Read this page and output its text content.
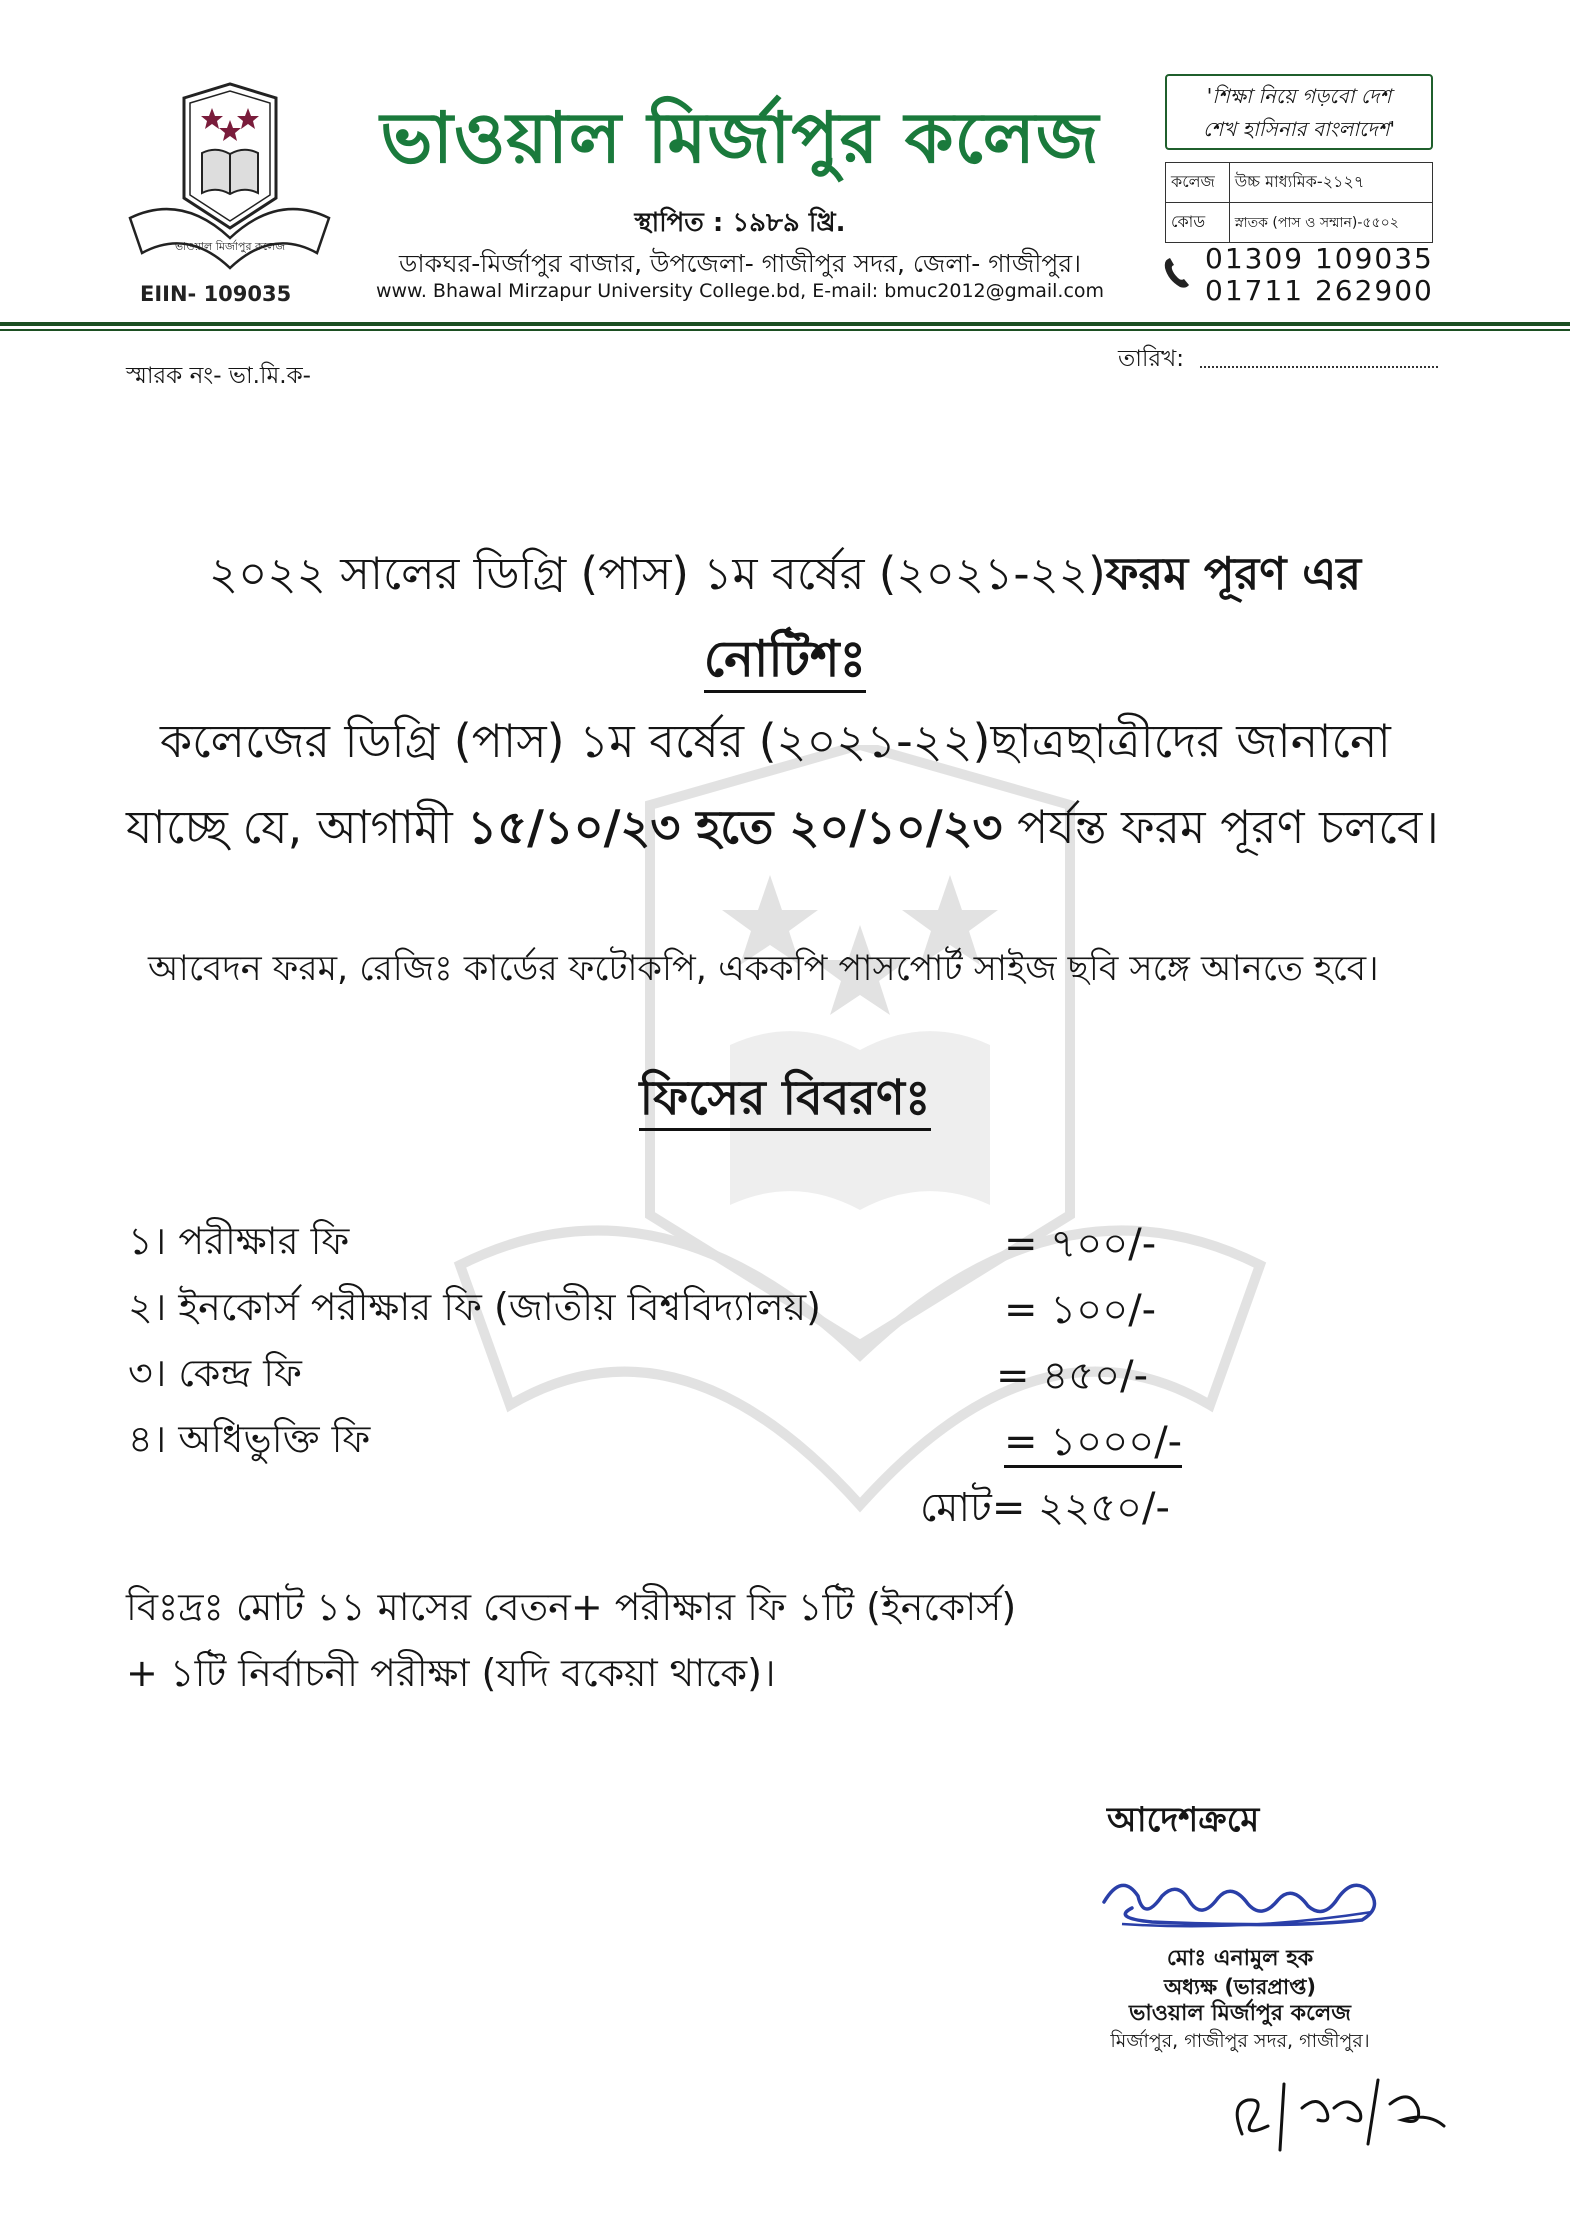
ভাওয়াল মির্জাপুর কলেজ
EIIN- 109035
ভাওয়াল মির্জাপুর কলেজ
স্থাপিত : ১৯৮৯ খ্রি.
ডাকঘর-মির্জাপুর বাজার, উপজেলা- গাজীপুর সদর, জেলা- গাজীপুর।
www. Bhawal Mirzapur University College.bd, E-mail: bmuc2012@gmail.com
'শিক্ষা নিয়ে গড়বো দেশ
শেখ হাসিনার বাংলাদেশ'
কলেজ	উচ্চ মাধ্যমিক-২১২৭
কোড	স্নাতক (পাস ও সম্মান)-৫৫০২
01309 109035
01711 262900
স্মারক নং- ভা.মি.ক-
তারিখ:
২০২২ সালের ডিগ্রি (পাস) ১ম বর্ষের (২০২১-২২)ফরম পূরণ এর
নোটিশঃ
কলেজের ডিগ্রি (পাস) ১ম বর্ষের (২০২১-২২)ছাত্রছাত্রীদের জানানো যাচ্ছে যে, আগামী ১৫/১০/২৩ হতে ২০/১০/২৩ পর্যন্ত ফরম পূরণ চলবে।
আবেদন ফরম, রেজিঃ কার্ডের ফটোকপি, এককপি পাসপোর্ট সাইজ ছবি সঙ্গে আনতে হবে।
ফিসের বিবরণঃ
১। পরীক্ষার ফি	= ৭০০/-
২। ইনকোর্স পরীক্ষার ফি (জাতীয় বিশ্ববিদ্যালয়)	= ১০০/-
৩। কেন্দ্র ফি	= ৪৫০/-
৪। অধিভুক্তি ফি	= ১০০০/-
মোট= ২২৫০/-
বিঃদ্রঃ মোট ১১ মাসের বেতন+ পরীক্ষার ফি ১টি (ইনকোর্স)
+ ১টি নির্বাচনী পরীক্ষা (যদি বকেয়া থাকে)।
আদেশক্রমে
মোঃ এনামুল হক
অধ্যক্ষ (ভারপ্রাপ্ত)
ভাওয়াল মির্জাপুর কলেজ
মির্জাপুর, গাজীপুর সদর, গাজীপুর।
